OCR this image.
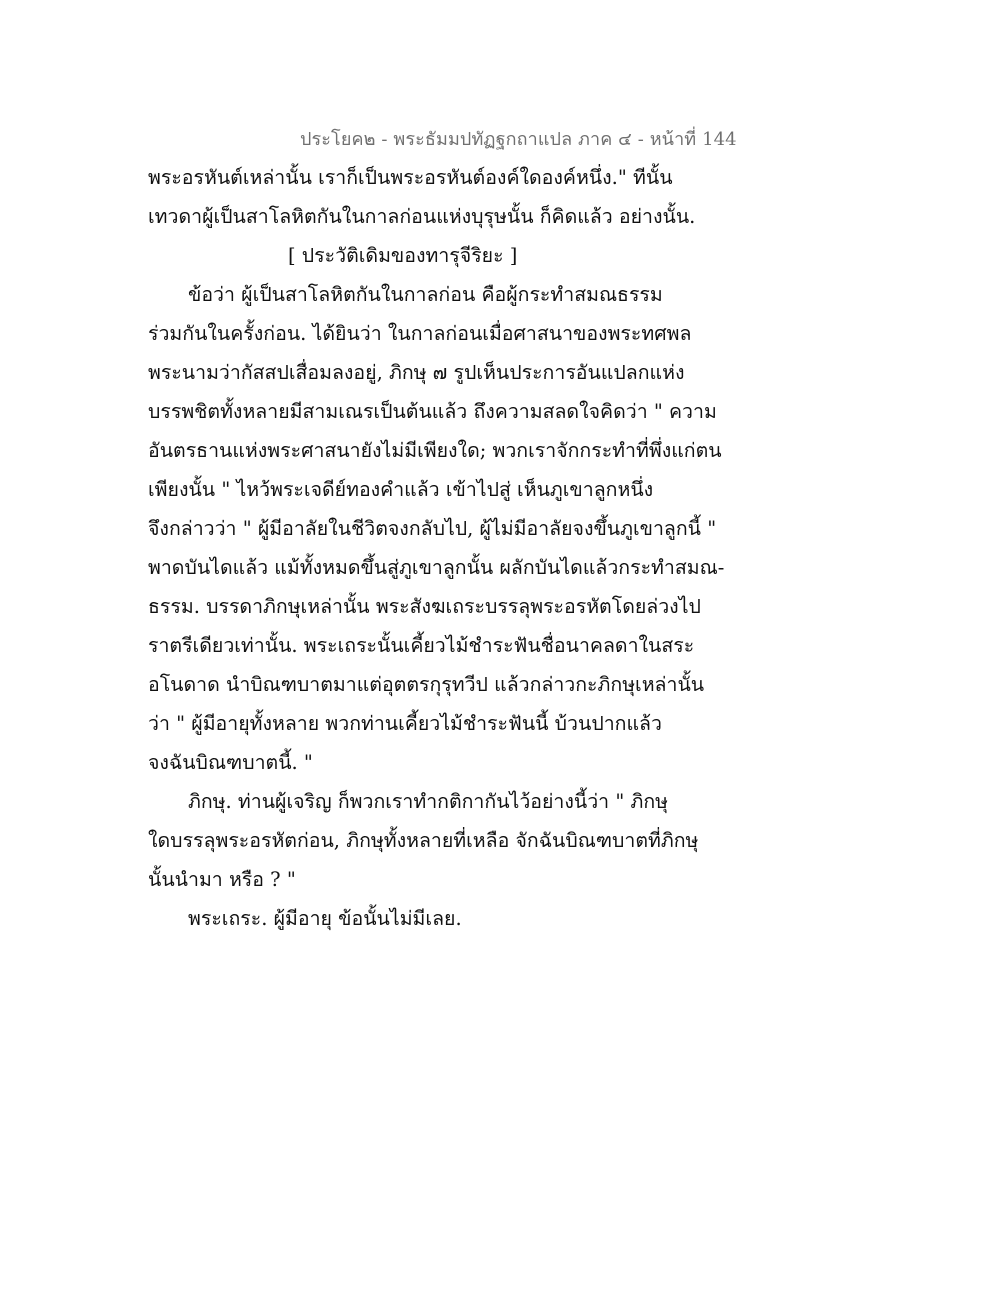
ประโยค๒ - พระธัมมปทัฏฐกถาแปล ภาค ๔ - หน้าที่ 144
พระอรหันต์เหล่านั้น เราก็เป็นพระอรหันต์องค์ใดองค์หนึ่ง." ทีนั้น
เทวดาผู้เป็นสาโลหิตกันในกาลก่อนแห่งบุรุษนั้น ก็คิดแล้ว อย่างนั้น.
[ ประวัติเดิมของทารุจีริยะ ]
ข้อว่า ผู้เป็นสาโลหิตกันในกาลก่อน คือผู้กระทำสมณธรรม
ร่วมกันในครั้งก่อน. ได้ยินว่า ในกาลก่อนเมื่อศาสนาของพระทศพล
พระนามว่ากัสสปเสื่อมลงอยู่, ภิกษุ ๗ รูปเห็นประการอันแปลกแห่ง
บรรพชิตทั้งหลายมีสามเณรเป็นต้นแล้ว ถึงความสลดใจคิดว่า " ความ
อันตรธานแห่งพระศาสนายังไม่มีเพียงใด; พวกเราจักกระทำที่พึ่งแก่ตน
เพียงนั้น " ไหว้พระเจดีย์ทองคำแล้ว เข้าไปสู่ เห็นภูเขาลูกหนึ่ง
จึงกล่าวว่า " ผู้มีอาลัยในชีวิตจงกลับไป, ผู้ไม่มีอาลัยจงขึ้นภูเขาลูกนี้ "
พาดบันไดแล้ว แม้ทั้งหมดขึ้นสู่ภูเขาลูกนั้น ผลักบันไดแล้วกระทำสมณ-
ธรรม. บรรดาภิกษุเหล่านั้น พระสังฆเถระบรรลุพระอรหัตโดยล่วงไป
ราตรีเดียวเท่านั้น. พระเถระนั้นเคี้ยวไม้ชำระฟันชื่อนาคลดาในสระ
อโนดาด นำบิณฑบาตมาแต่อุตตรกุรุทวีป แล้วกล่าวกะภิกษุเหล่านั้น
ว่า " ผู้มีอายุทั้งหลาย พวกท่านเคี้ยวไม้ชำระฟันนี้ บ้วนปากแล้ว
จงฉันบิณฑบาตนี้. "
ภิกษุ. ท่านผู้เจริญ ก็พวกเราทำกติกากันไว้อย่างนี้ว่า " ภิกษุ
ใดบรรลุพระอรหัตก่อน, ภิกษุทั้งหลายที่เหลือ จักฉันบิณฑบาตที่ภิกษุ
นั้นนำมา หรือ ? "
พระเถระ. ผู้มีอายุ ข้อนั้นไม่มีเลย.
